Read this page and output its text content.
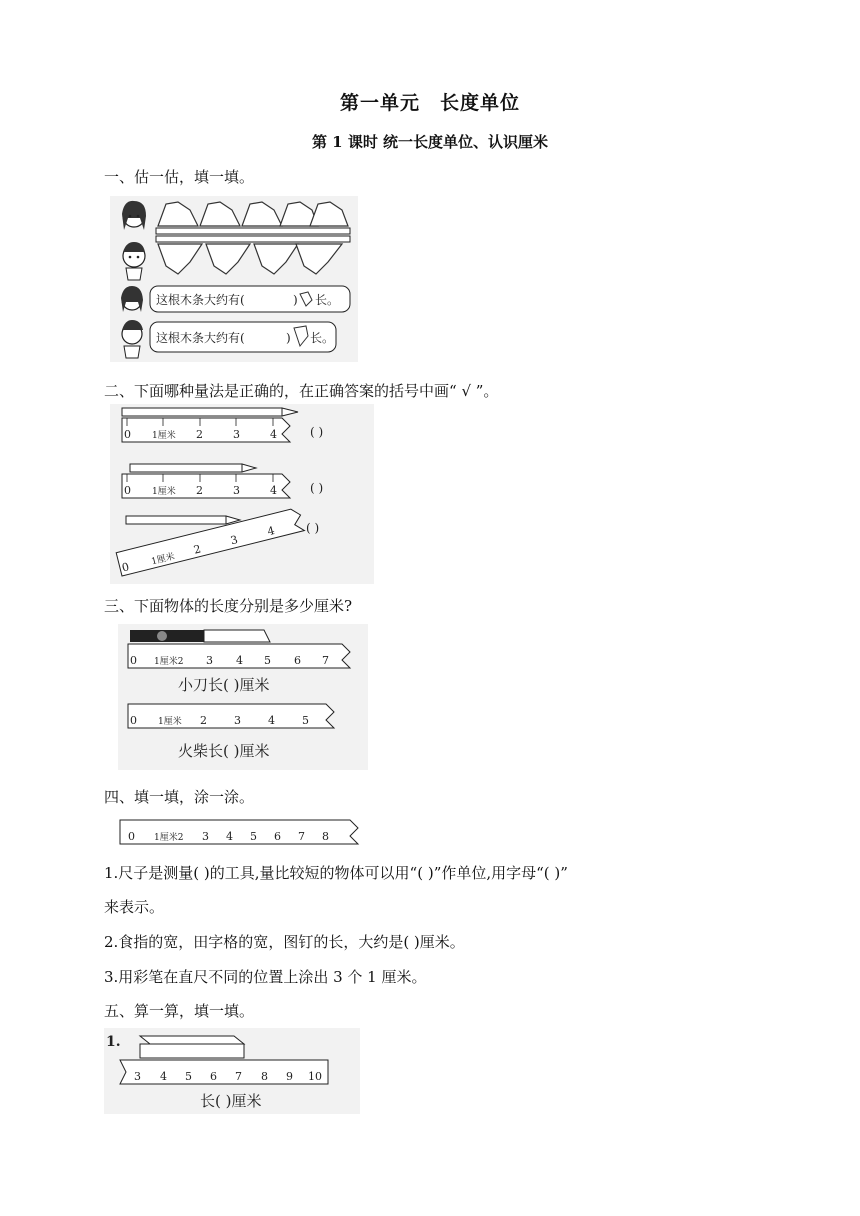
第一单元　长度单位
第 1 课时 统一长度单位、认识厘米
一、估一估，填一填。
这根木条大约有(	) 长。
这根木条大约有(	) 长。
二、下面哪种量法是正确的，在正确答案的括号中画“ √ ”。
0 1厘米 2	3	4	( )
0 1厘米 2	3	4	( )
0
1厘米
2
3
4 ( )
三、下面物体的长度分别是多少厘米?
0 1厘米2 3 4 5 6 7
小刀长( )厘米
0 1厘米 2 3 4 5
火柴长( )厘米
四、填一填，涂一涂。
0 1厘米2 3 4 5 6 7 8
1.尺子是测量( )的工具,量比较短的物体可以用“( )”作单位,用字母“( )”
来表示。
2.食指的宽，田字格的宽，图钉的长，大约是( )厘米。
3.用彩笔在直尺不同的位置上涂出 3 个 1 厘米。
五、算一算，填一填。
1.
3 4 5 6 7 8 9 10
长( )厘米
